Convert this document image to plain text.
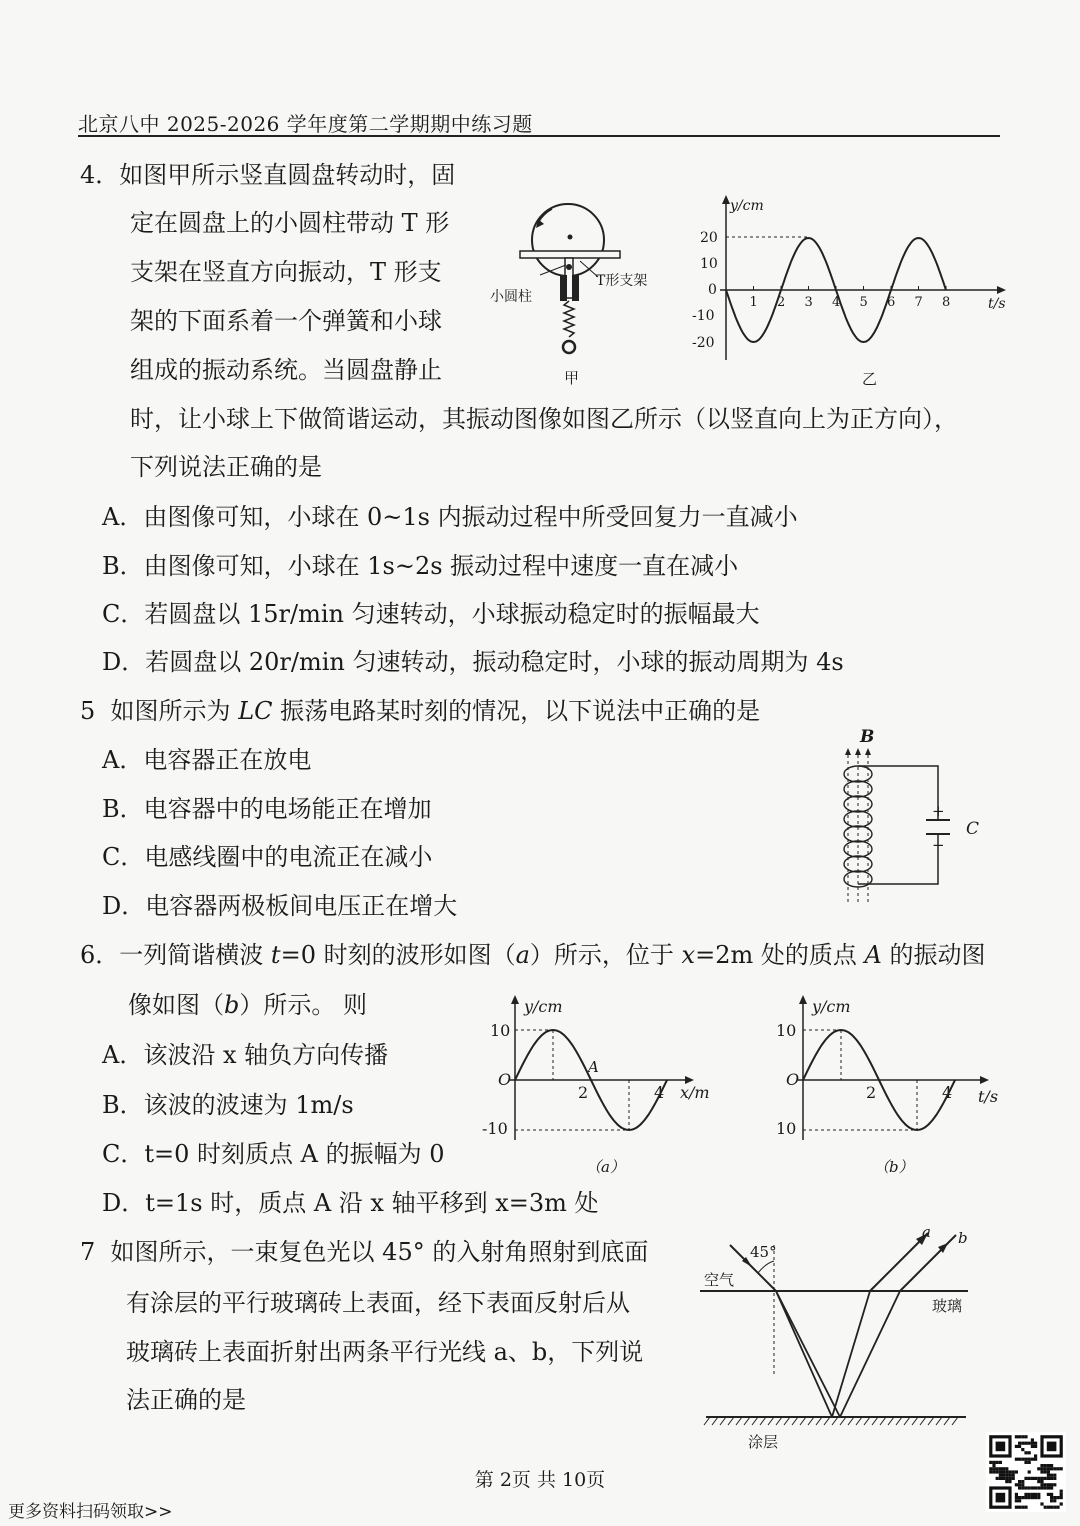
北京八中 2025-2026 学年度第二学期期中练习题
4．如图甲所示竖直圆盘转动时，固
定在圆盘上的小圆柱带动 T 形
支架在竖直方向振动，T 形支
架的下面系着一个弹簧和小球
组成的振动系统。当圆盘静止
时，让小球上下做简谐运动，其振动图像如图乙所示（以竖直向上为正方向），
下列说法正确的是
A．由图像可知，小球在 0~1s 内振动过程中所受回复力一直减小
B．由图像可知，小球在 1s~2s 振动过程中速度一直在减小
C．若圆盘以 15r/min 匀速转动，小球振动稳定时的振幅最大
D．若圆盘以 20r/min 匀速转动，振动稳定时，小球的振动周期为 4s
小圆柱
T形支架
甲
y/cm
t/s
20
10
0
-10
-20
1 2 3 4 5 6 7 8
乙
5 如图所示为 LC 振荡电路某时刻的情况，以下说法中正确的是
A．电容器正在放电
B．电容器中的电场能正在增加
C．电感线圈中的电流正在减小
D．电容器两极板间电压正在增大
B
+
−
C
6．一列简谐横波 t=0 时刻的波形如图（a）所示，位于 x=2m 处的质点 A 的振动图
像如图（b）所示。 则
A．该波沿 x 轴负方向传播
B．该波的波速为 1m/s
C．t=0 时刻质点 A 的振幅为 0
D．t=1s 时，质点 A 沿 x 轴平移到 x=3m 处
y/cm
x/m
10
-10
O
2	4
A
（a）
y/cm
t/s
10
10
O
2	4
（b）
7 如图所示，一束复色光以 45° 的入射角照射到底面
有涂层的平行玻璃砖上表面，经下表面反射后从
玻璃砖上表面折射出两条平行光线 a、b，下列说
法正确的是
45°
空气
玻璃
涂层
a b
第 2页 共 10页
更多资料扫码领取>>
